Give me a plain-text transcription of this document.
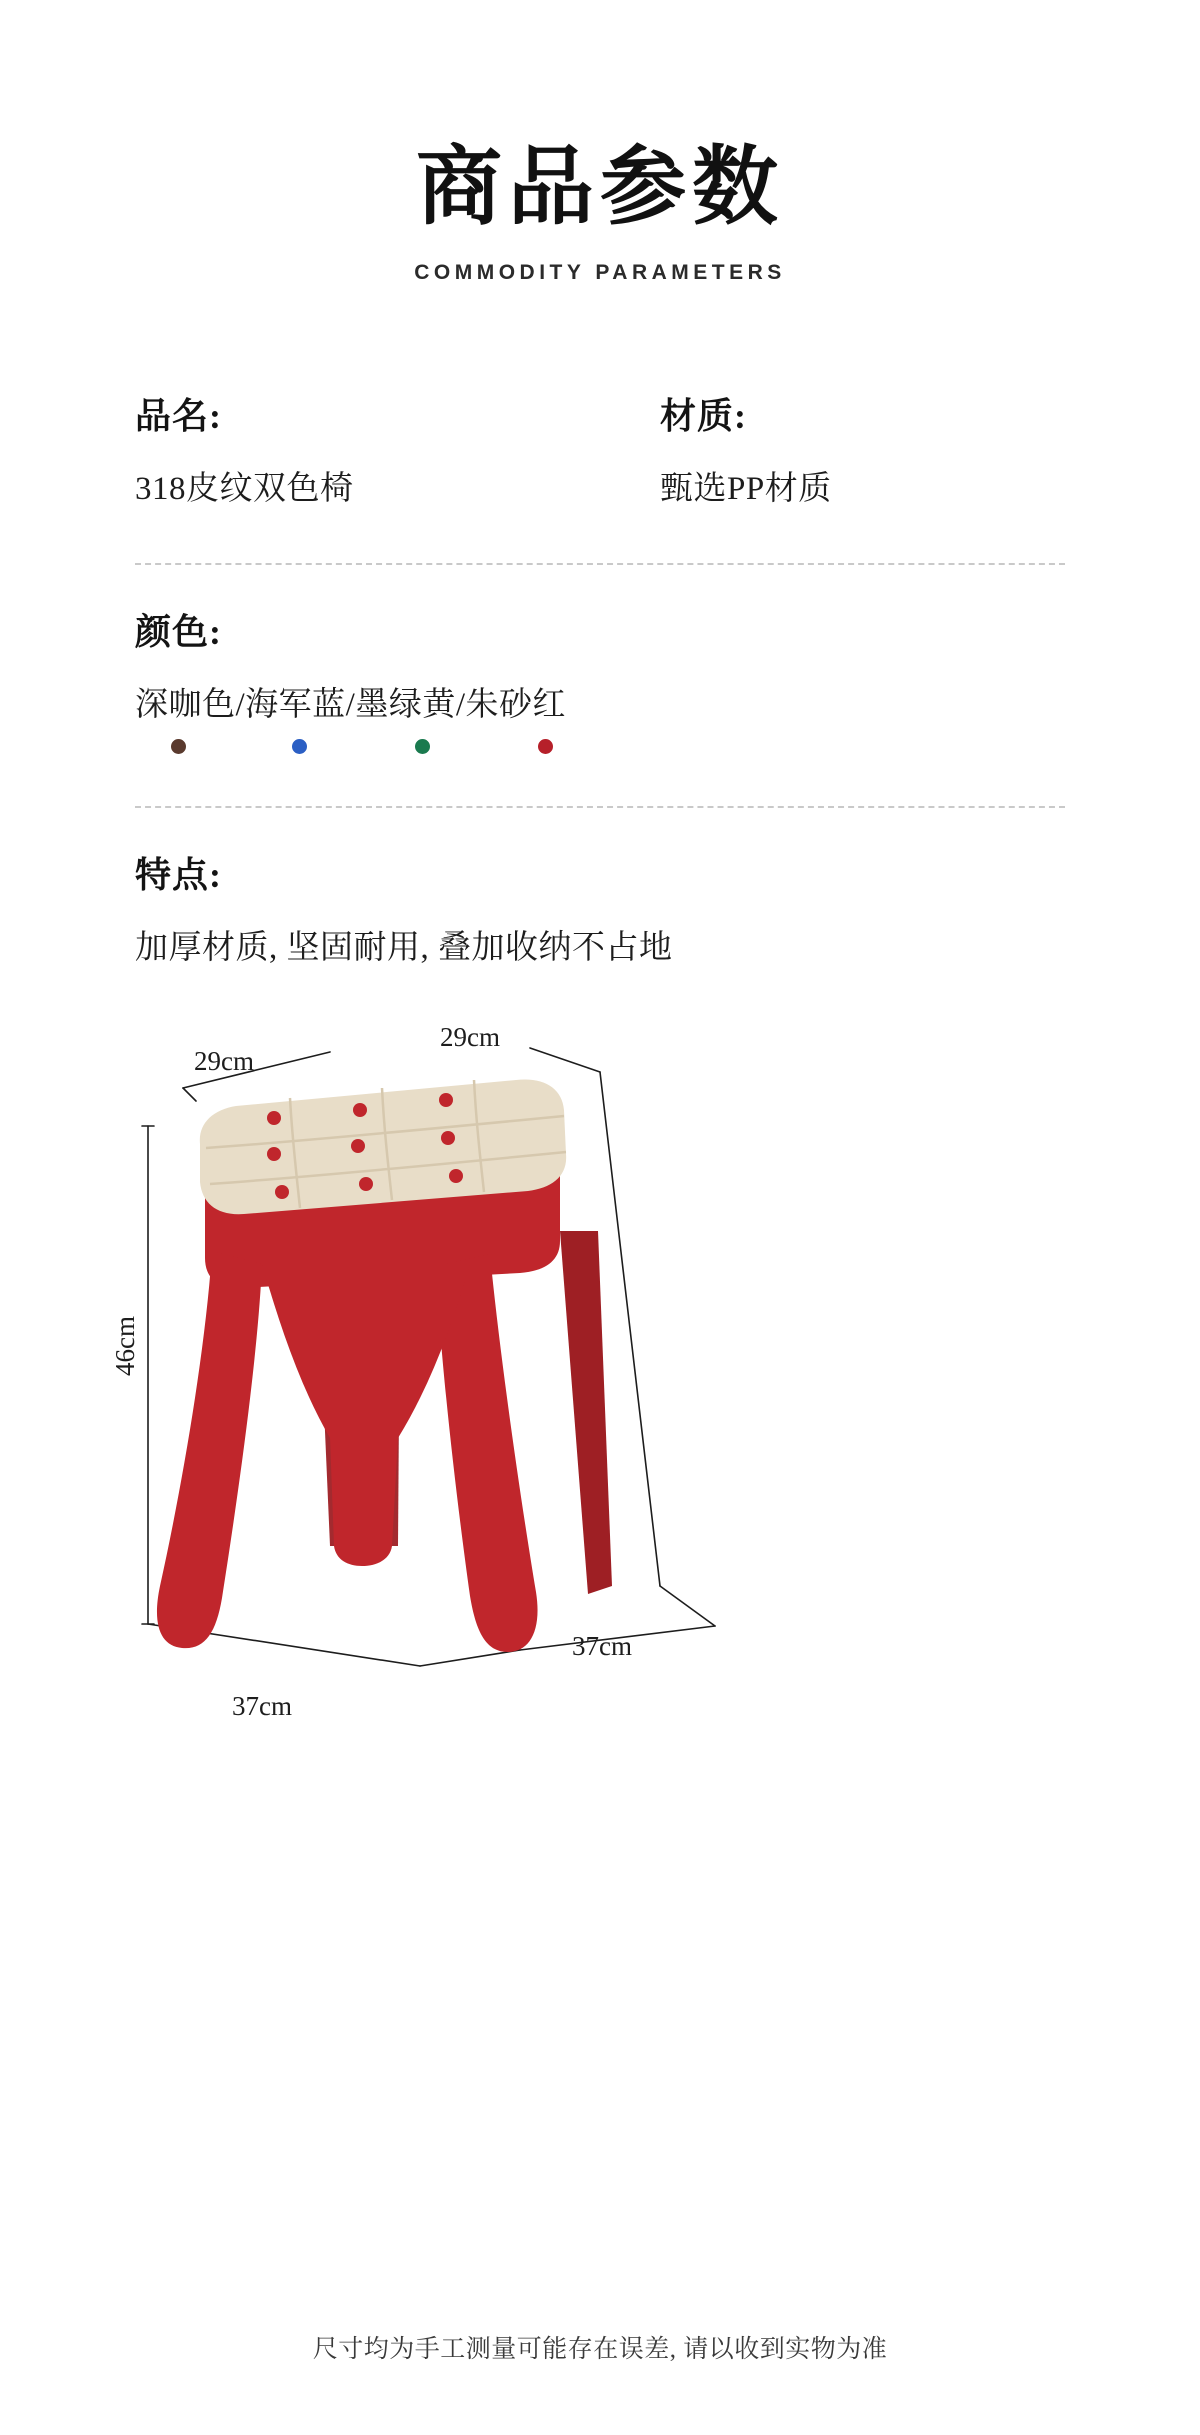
商品参数
COMMODITY PARAMETERS
品名:
318皮纹双色椅
材质:
甄选PP材质
颜色:
深咖色/海军蓝/墨绿黄/朱砂红
特点:
加厚材质, 坚固耐用, 叠加收纳不占地
29cm
29cm
46cm
37cm
37cm
尺寸均为手工测量可能存在误差, 请以收到实物为准
